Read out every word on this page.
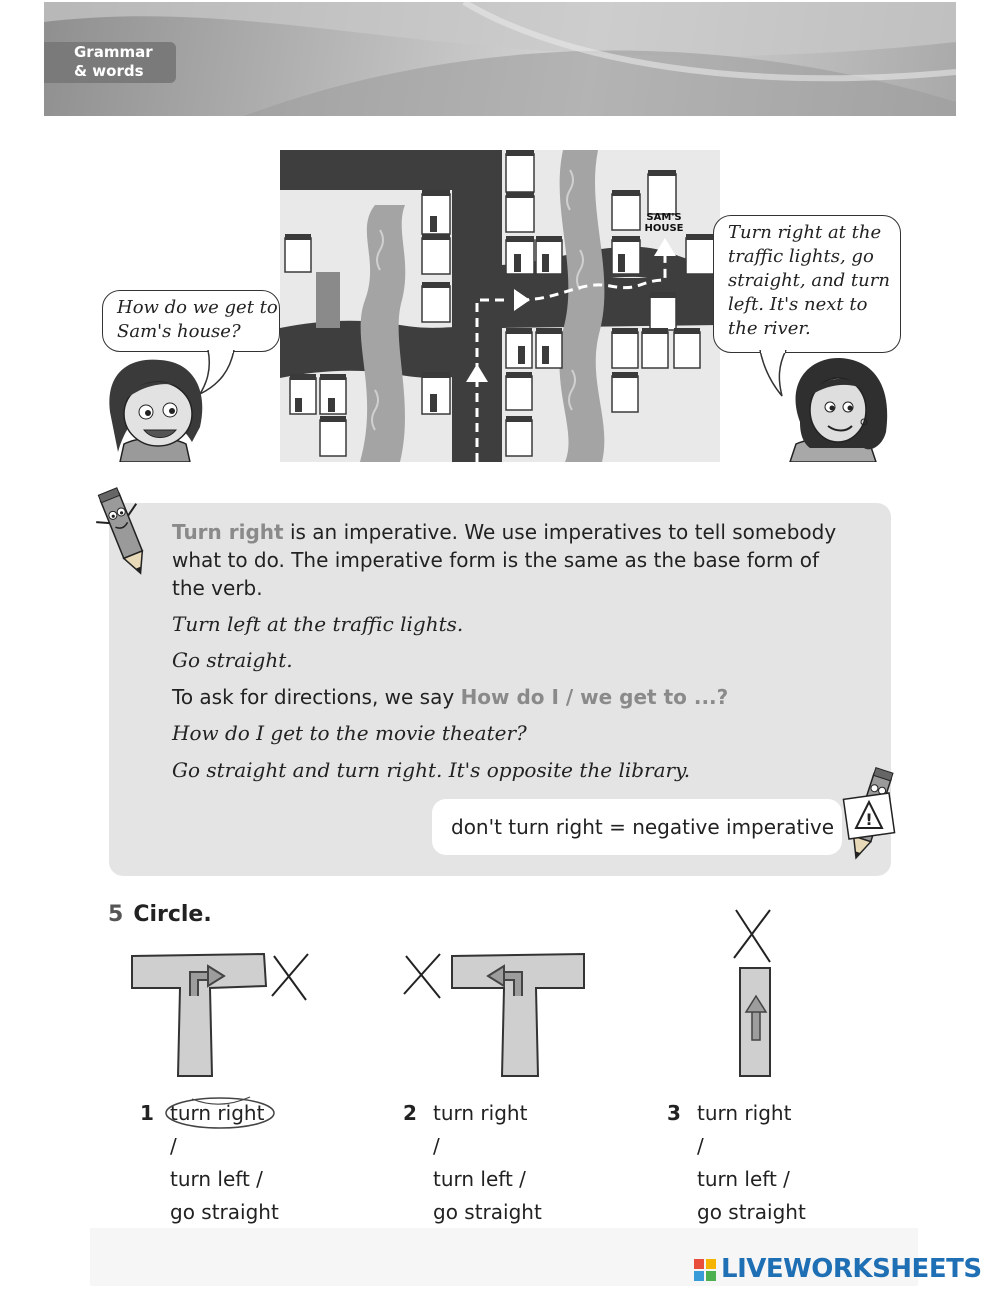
Grammar
& words
SAM'S
HOUSE
How do we get to
Sam's house?
Turn right at the
traffic lights, go
straight, and turn
left. It's next to
the river.
Turn right is an imperative. We use imperatives to tell somebody
what to do. The imperative form is the same as the base form of
the verb.
Turn left at the traffic lights.
Go straight.
To ask for directions, we say How do I / we get to ...?
How do I get to the movie theater?
Go straight and turn right. It's opposite the library.
don't turn right = negative imperative	!
5 Circle.
1 turn right
/
turn left /
go straight
2 turn right
/
turn left /
go straight
3 turn right
/
turn left /
go straight
LIVEWORKSHEETS
